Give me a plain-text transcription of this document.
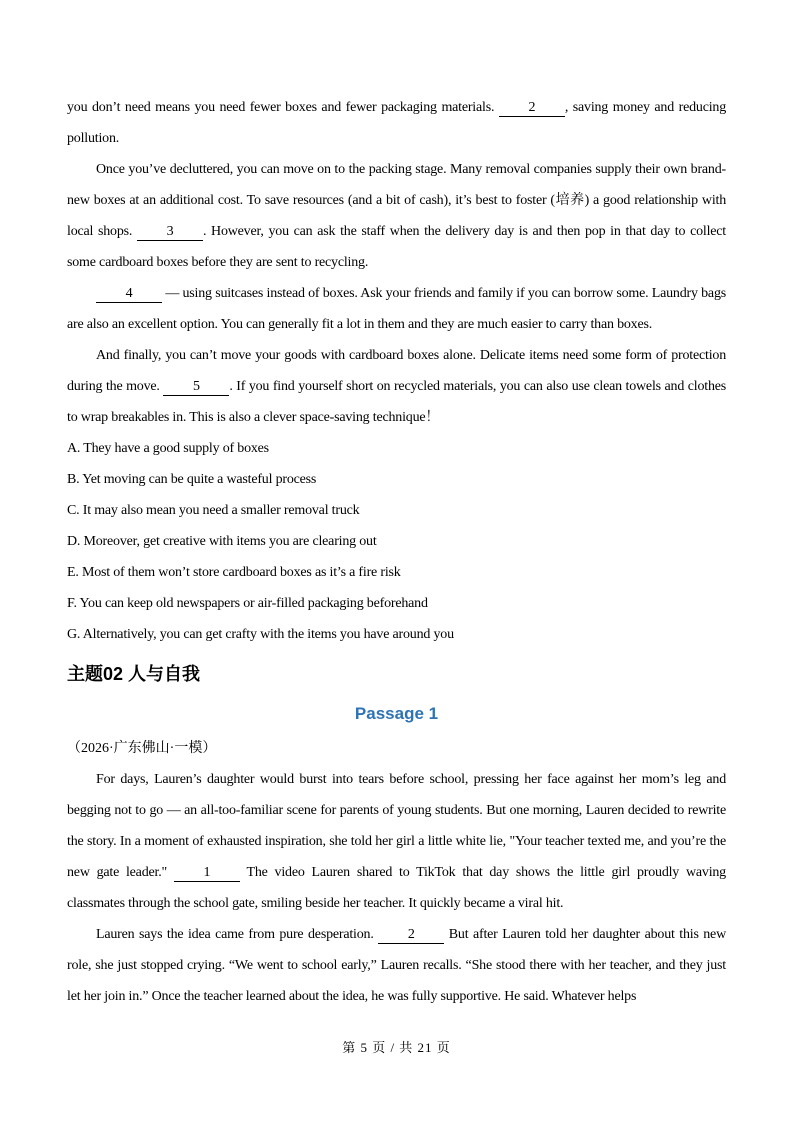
you don’t need means you need fewer boxes and fewer packaging materials. 2 , saving money and reducing pollution.

Once you’ve decluttered, you can move on to the packing stage. Many removal companies supply their own brand-new boxes at an additional cost. To save resources (and a bit of cash), it’s best to foster (培养) a good relationship with local shops. 3 . However, you can ask the staff when the delivery day is and then pop in that day to collect some cardboard boxes before they are sent to recycling.

4 — using suitcases instead of boxes. Ask your friends and family if you can borrow some. Laundry bags are also an excellent option. You can generally fit a lot in them and they are much easier to carry than boxes.

And finally, you can’t move your goods with cardboard boxes alone. Delicate items need some form of protection during the move. 5 . If you find yourself short on recycled materials, you can also use clean towels and clothes to wrap breakables in. This is also a clever space-saving technique！

A. They have a good supply of boxes

B. Yet moving can be quite a wasteful process

C. It may also mean you need a smaller removal truck

D. Moreover, get creative with items you are clearing out

E. Most of them won’t store cardboard boxes as it’s a fire risk

F. You can keep old newspapers or air-filled packaging beforehand

G. Alternatively, you can get crafty with the items you have around you

主题02 人与自我
Passage 1

（2026·广东佛山·一模）

For days, Lauren’s daughter would burst into tears before school, pressing her face against her mom’s leg and begging not to go — an all-too-familiar scene for parents of young students. But one morning, Lauren decided to rewrite the story. In a moment of exhausted inspiration, she told her girl a little white lie, "Your teacher texted me, and you’re the new gate leader." 1 The video Lauren shared to TikTok that day shows the little girl proudly waving classmates through the school gate, smiling beside her teacher. It quickly became a viral hit.

Lauren says the idea came from pure desperation. 2 But after Lauren told her daughter about this new role, she just stopped crying. “We went to school early,” Lauren recalls. “She stood there with her teacher, and they just let her join in.” Once the teacher learned about the idea, he was fully supportive. He said. Whatever helps

第 5 页 / 共 21 页
